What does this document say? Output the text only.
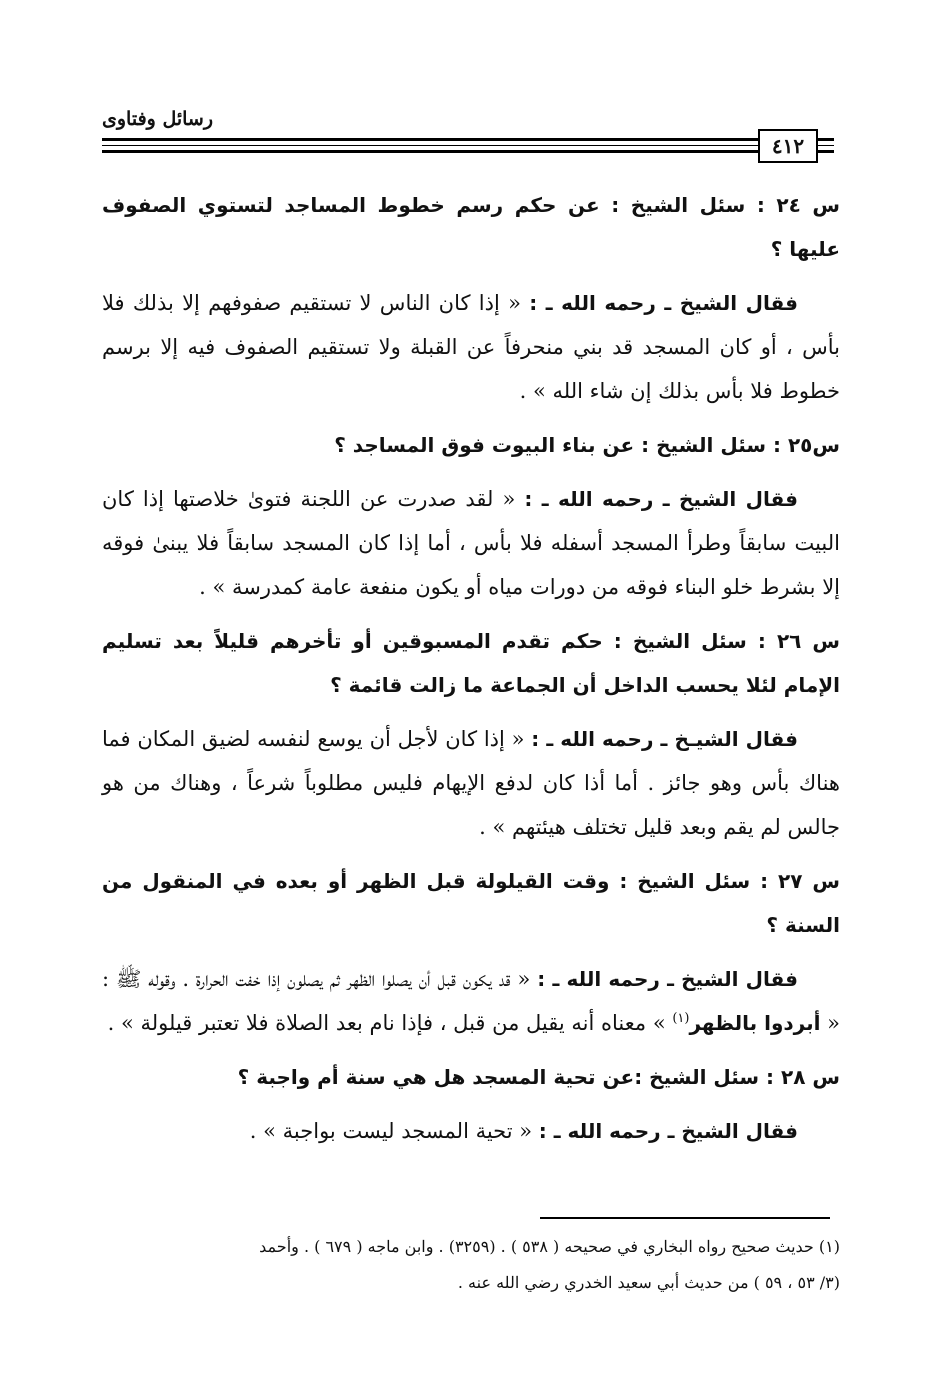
رسائل وفتاوى
٤١٢

س ٢٤ : سئل الشيخ : عن حكم رسم خطوط المساجد لتستوي الصفوف عليها ؟

فقال الشيخ ـ رحمه الله ـ : « إذا كان الناس لا تستقيم صفوفهم إلا بذلك فلا بأس ، أو كان المسجد قد بني منحرفاً عن القبلة ولا تستقيم الصفوف فيه إلا برسم خطوط فلا بأس بذلك إن شاء الله » .

س٢٥ : سئل الشيخ : عن بناء البيوت فوق المساجد ؟

فقال الشيخ ـ رحمه الله ـ : « لقد صدرت عن اللجنة فتوىٰ خلاصتها إذا كان البيت سابقاً وطرأ المسجد أسفله فلا بأس ، أما إذا كان المسجد سابقاً فلا يبنىٰ فوقه إلا بشرط خلو البناء فوقه من دورات مياه أو يكون منفعة عامة كمدرسة » .

س ٢٦ : سئل الشيخ : حكم تقدم المسبوقين أو تأخرهم قليلاً بعد تسليم الإمام لئلا يحسب الداخل أن الجماعة ما زالت قائمة ؟

فقال الشيـخ ـ رحمه الله ـ : « إذا كان لأجل أن يوسع لنفسه لضيق المكان فما هناك بأس وهو جائز . أما أذا كان لدفع الإيهام فليس مطلوباً شرعاً ، وهناك من هو جالس لم يقم وبعد قليل تختلف هيئتهم » .

س ٢٧ : سئل الشيخ : وقت القيلولة قبل الظهر أو بعده في المنقول من السنة ؟

فقال الشيخ ـ رحمه الله ـ : « قد يكون قبل أن يصلوا الظهر ثم يصلون إذا خفت الحرارة . وقوله ﷺ : « أبردوا بالظهر$^{(١)}$ » معناه أنه يقيل من قبل ، فإذا نام بعد الصلاة فلا تعتبر قيلولة » .

س ٢٨ : سئل الشيخ :عن تحية المسجد هل هي سنة أم واجبة ؟

فقال الشيخ ـ رحمه الله ـ : « تحية المسجد ليست بواجبة » .

(١) حديث صحيح رواه البخاري في صحيحه ( ٥٣٨ ) . (٣٢٥٩) . وابن ماجه ( ٦٧٩ ) . وأحمد

(٣/ ٥٣ ، ٥٩ ) من حديث أبي سعيد الخدري رضي الله عنه .
